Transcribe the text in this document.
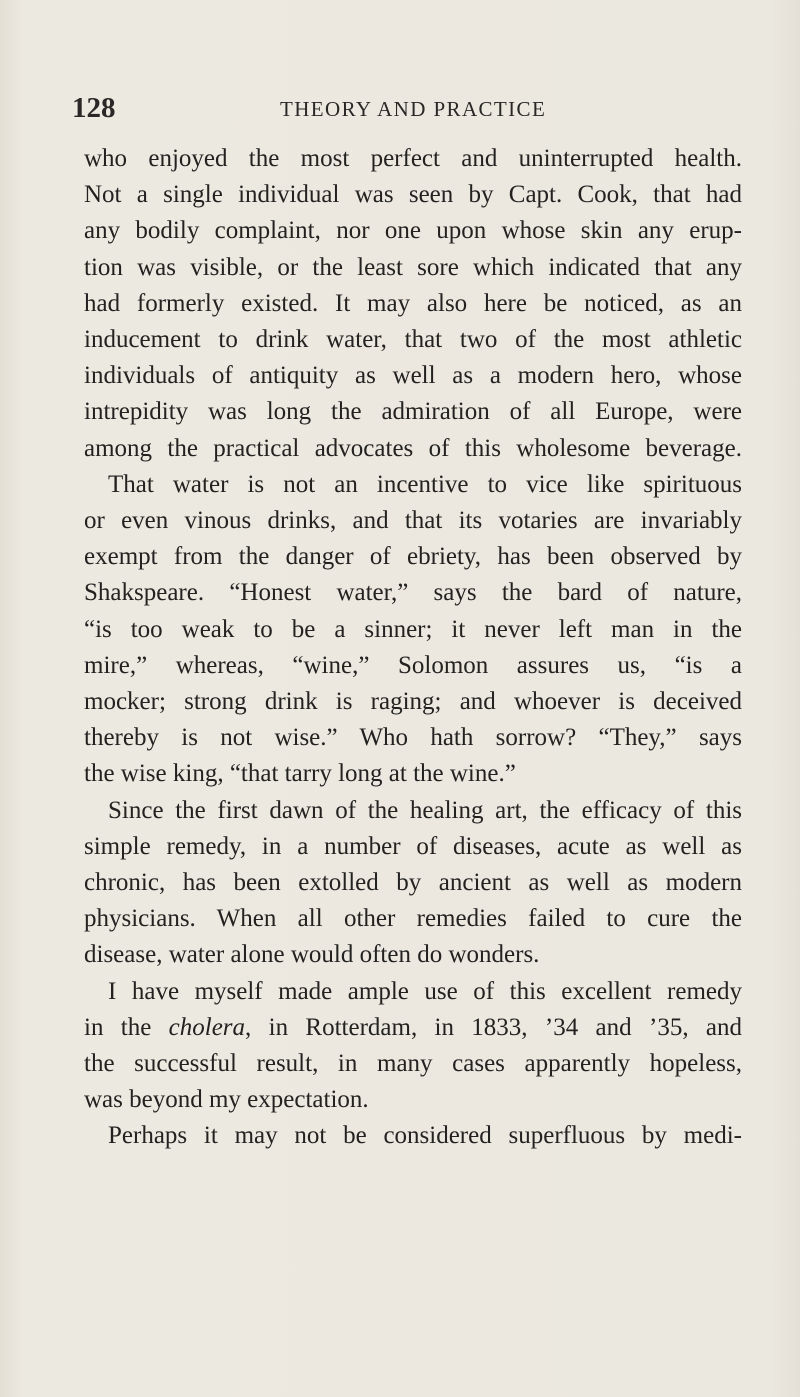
128	THEORY AND PRACTICE
who enjoyed the most perfect and uninterrupted health.
Not a single individual was seen by Capt. Cook, that had
any bodily complaint, nor one upon whose skin any erup-
tion was visible, or the least sore which indicated that any
had formerly existed. It may also here be noticed, as an
inducement to drink water, that two of the most athletic
individuals of antiquity as well as a modern hero, whose
intrepidity was long the admiration of all Europe, were
among the practical advocates of this wholesome beverage.
That water is not an incentive to vice like spirituous
or even vinous drinks, and that its votaries are invariably
exempt from the danger of ebriety, has been observed by
Shakspeare. “Honest water,” says the bard of nature,
“is too weak to be a sinner; it never left man in the
mire,” whereas, “wine,” Solomon assures us, “is a
mocker; strong drink is raging; and whoever is deceived
thereby is not wise.” Who hath sorrow? “They,” says
the wise king, “that tarry long at the wine.”
Since the first dawn of the healing art, the efficacy of this
simple remedy, in a number of diseases, acute as well as
chronic, has been extolled by ancient as well as modern
physicians. When all other remedies failed to cure the
disease, water alone would often do wonders.
I have myself made ample use of this excellent remedy
in the cholera, in Rotterdam, in 1833, ’34 and ’35, and
the successful result, in many cases apparently hopeless,
was beyond my expectation.
Perhaps it may not be considered superfluous by medi-
